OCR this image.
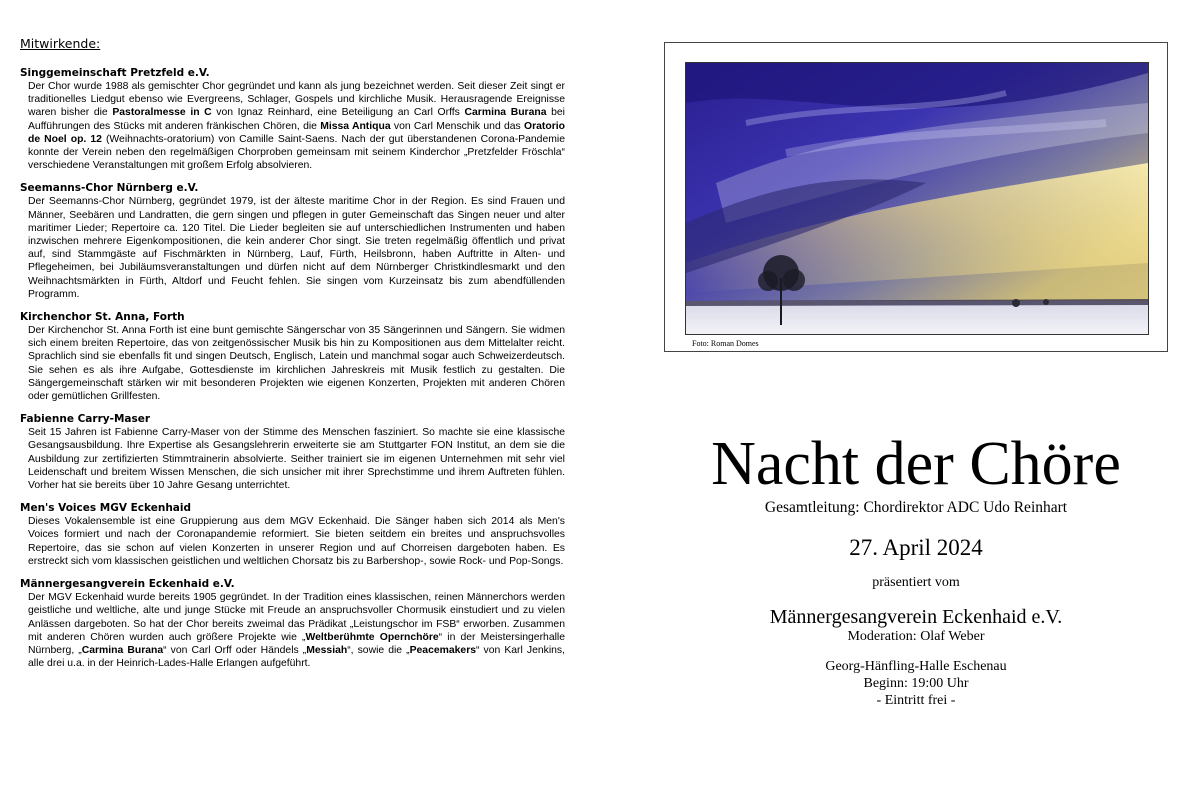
Mitwirkende:

Singgemeinschaft Pretzfeld e.V.

Der Chor wurde 1988 als gemischter Chor gegründet und kann als jung bezeichnet werden. Seit dieser Zeit singt er traditionelles Liedgut ebenso wie Evergreens, Schlager, Gospels und kirchliche Musik. Herausragende Ereignisse waren bisher die Pastoralmesse in C von Ignaz Reinhard, eine Beteiligung an Carl Orffs Carmina Burana bei Aufführungen des Stücks mit anderen fränkischen Chören, die Missa Antiqua von Carl Menschik und das Oratorio de Noel op. 12 (Weihnachts-oratorium) von Camille Saint-Saens. Nach der gut überstandenen Corona-Pandemie konnte der Verein neben den regelmäßigen Chorproben gemeinsam mit seinem Kinderchor „Pretzfelder Fröschla“ verschiedene Veranstaltungen mit großem Erfolg absolvieren.

Seemanns-Chor Nürnberg e.V.

Der Seemanns-Chor Nürnberg, gegründet 1979, ist der älteste maritime Chor in der Region. Es sind Frauen und Männer, Seebären und Landratten, die gern singen und pflegen in guter Gemeinschaft das Singen neuer und alter maritimer Lieder; Repertoire ca. 120 Titel. Die Lieder begleiten sie auf unterschiedlichen Instrumenten und haben inzwischen mehrere Eigenkompositionen, die kein anderer Chor singt. Sie treten regelmäßig öffentlich und privat auf, sind Stammgäste auf Fischmärkten in Nürnberg, Lauf, Fürth, Heilsbronn, haben Auftritte in Alten- und Pflegeheimen, bei Jubiläumsveranstaltungen und dürfen nicht auf dem Nürnberger Christkindlesmarkt und den Weihnachtsmärkten in Fürth, Altdorf und Feucht fehlen. Sie singen vom Kurzeinsatz bis zum abendfüllenden Programm.

Kirchenchor St. Anna, Forth

Der Kirchenchor St. Anna Forth ist eine bunt gemischte Sängerschar von 35 Sängerinnen und Sängern. Sie widmen sich einem breiten Repertoire, das von zeitgenössischer Musik bis hin zu Kompositionen aus dem Mittelalter reicht. Sprachlich sind sie ebenfalls fit und singen Deutsch, Englisch, Latein und manchmal sogar auch Schweizerdeutsch. Sie sehen es als ihre Aufgabe, Gottesdienste im kirchlichen Jahreskreis mit Musik festlich zu gestalten. Die Sängergemeinschaft stärken wir mit besonderen Projekten wie eigenen Konzerten, Projekten mit anderen Chören oder gemütlichen Grillfesten.

Fabienne Carry-Maser

Seit 15 Jahren ist Fabienne Carry-Maser von der Stimme des Menschen fasziniert. So machte sie eine klassische Gesangsausbildung. Ihre Expertise als Gesangslehrerin erweiterte sie am Stuttgarter FON Institut, an dem sie die Ausbildung zur zertifizierten Stimmtrainerin absolvierte. Seither trainiert sie im eigenen Unternehmen mit sehr viel Leidenschaft und breitem Wissen Menschen, die sich unsicher mit ihrer Sprechstimme und ihrem Auftreten fühlen. Vorher hat sie bereits über 10 Jahre Gesang unterrichtet.

Men's Voices MGV Eckenhaid

Dieses Vokalensemble ist eine Gruppierung aus dem MGV Eckenhaid. Die Sänger haben sich 2014 als Men's Voices formiert und nach der Coronapandemie reformiert. Sie bieten seitdem ein breites und anspruchsvolles Repertoire, das sie schon auf vielen Konzerten in unserer Region und auf Chorreisen dargeboten haben. Es erstreckt sich vom klassischen geistlichen und weltlichen Chorsatz bis zu Barbershop-, sowie Rock- und Pop-Songs.

Männergesangverein Eckenhaid e.V.

Der MGV Eckenhaid wurde bereits 1905 gegründet. In der Tradition eines klassischen, reinen Männerchors werden geistliche und weltliche, alte und junge Stücke mit Freude an anspruchsvoller Chormusik einstudiert und zu vielen Anlässen dargeboten. So hat der Chor bereits zweimal das Prädikat „Leistungschor im FSB“ erworben. Zusammen mit anderen Chören wurden auch größere Projekte wie „Weltberühmte Opernchöre“ in der Meistersingerhalle Nürnberg, „Carmina Burana“ von Carl Orff oder Händels „Messiah“, sowie die „Peacemakers“ von Karl Jenkins, alle drei u.a. in der Heinrich-Lades-Halle Erlangen aufgeführt.

Foto: Roman Domes

Nacht der Chöre

Gesamtleitung: Chordirektor ADC Udo Reinhart

27. April 2024

präsentiert vom

Männergesangverein Eckenhaid e.V.

Moderation: Olaf Weber

Georg-Hänfling-Halle Eschenau

Beginn: 19:00 Uhr

- Eintritt frei -
